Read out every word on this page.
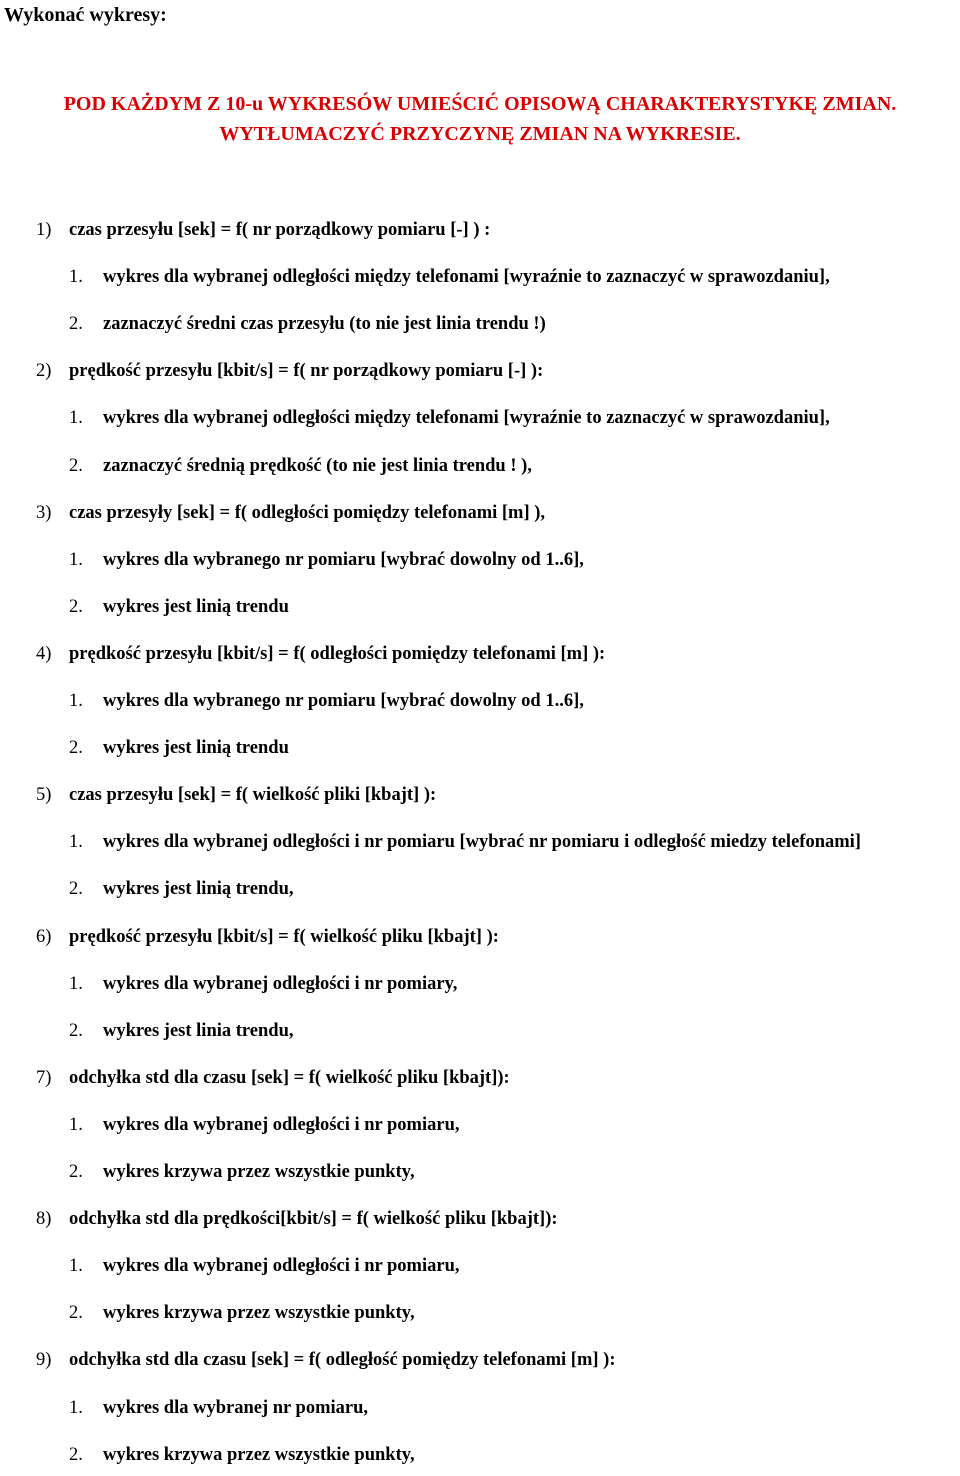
Wykonać wykresy:
POD KAŻDYM Z 10-u WYKRESÓW UMIEŚCIĆ OPISOWĄ CHARAKTERYSTYKĘ ZMIAN.
WYTŁUMACZYĆ PRZYCZYNĘ ZMIAN NA WYKRESIE.
1) czas przesyłu [sek] = f( nr porządkowy pomiaru [-] ) :
1. wykres dla wybranej odległości między telefonami [wyraźnie to zaznaczyć w sprawozdaniu],
2. zaznaczyć średni czas przesyłu (to nie jest linia trendu !)
2) prędkość przesyłu [kbit/s] = f( nr porządkowy pomiaru [-] ):
1. wykres dla wybranej odległości między telefonami [wyraźnie to zaznaczyć w sprawozdaniu],
2. zaznaczyć średnią prędkość (to nie jest linia trendu ! ),
3) czas przesyły [sek] = f( odległości pomiędzy telefonami [m] ),
1. wykres dla wybranego nr pomiaru [wybrać dowolny od 1..6],
2. wykres jest linią trendu
4) prędkość przesyłu [kbit/s] = f( odległości pomiędzy telefonami [m] ):
1. wykres dla wybranego nr pomiaru [wybrać dowolny od 1..6],
2. wykres jest linią trendu
5) czas przesyłu [sek] = f( wielkość pliki [kbajt] ):
1. wykres dla wybranej odległości i nr pomiaru [wybrać nr pomiaru i odległość miedzy telefonami]
2. wykres jest linią trendu,
6) prędkość przesyłu [kbit/s] = f( wielkość pliku [kbajt] ):
1. wykres dla wybranej odległości i nr pomiary,
2. wykres jest linia trendu,
7) odchyłka std dla czasu [sek] = f( wielkość pliku [kbajt]):
1. wykres dla wybranej odległości i nr pomiaru,
2. wykres krzywa przez wszystkie punkty,
8) odchyłka std dla prędkości[kbit/s] = f( wielkość pliku [kbajt]):
1. wykres dla wybranej odległości i nr pomiaru,
2. wykres krzywa przez wszystkie punkty,
9) odchyłka std dla czasu [sek] = f( odległość pomiędzy telefonami [m] ):
1. wykres dla wybranej nr pomiaru,
2. wykres krzywa przez wszystkie punkty,
